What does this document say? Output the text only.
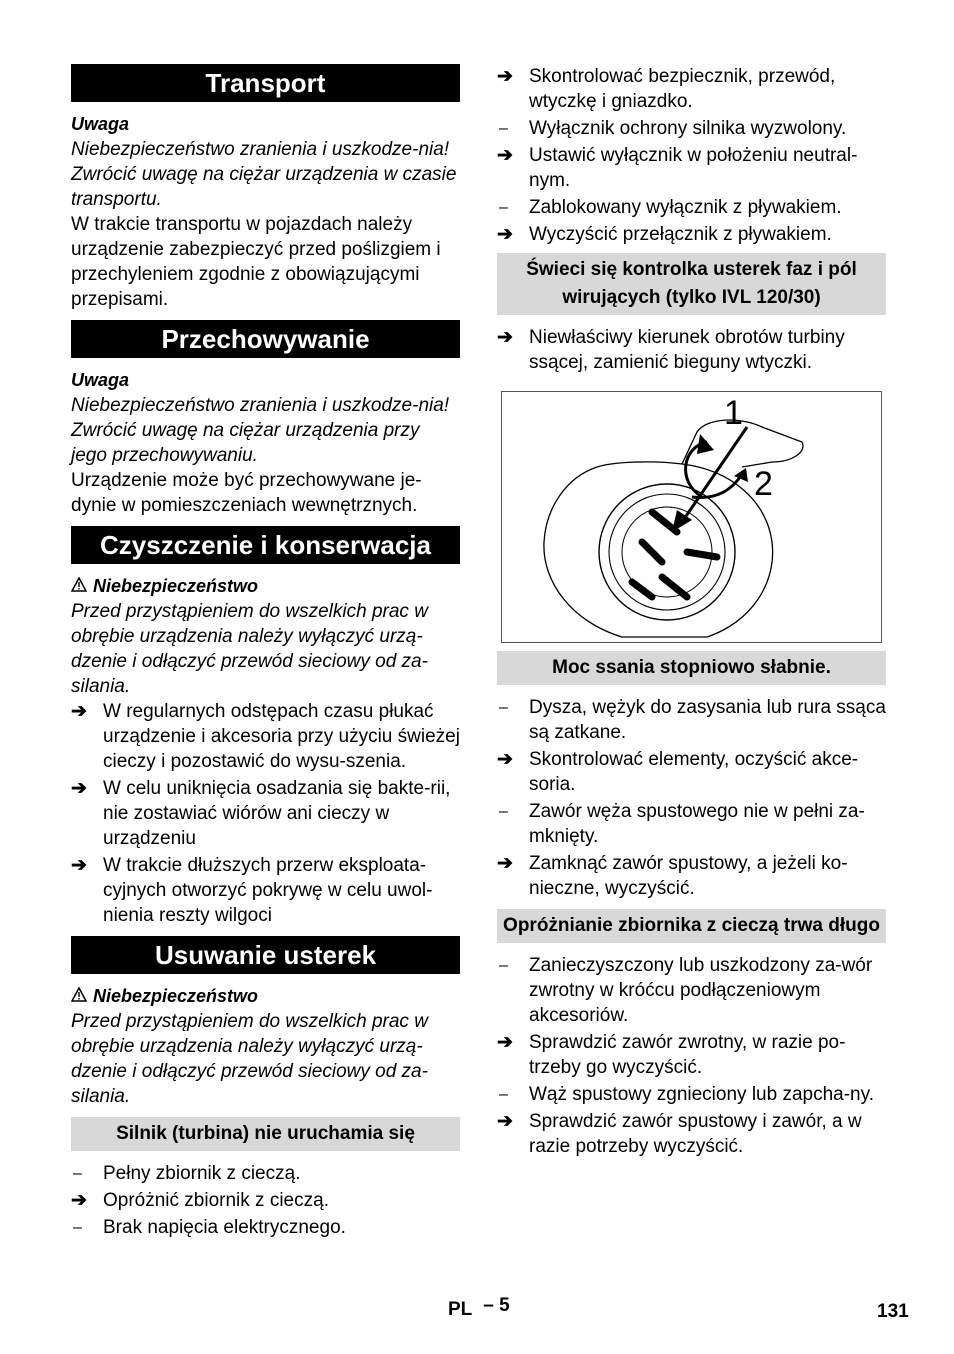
Transport

Uwaga

Niebezpieczeństwo zranienia i uszkodze-nia! Zwrócić uwagę na ciężar urządzenia w czasie transportu.

W trakcie transportu w pojazdach należy urządzenie zabezpieczyć przed poślizgiem i przechyleniem zgodnie z obowiązującymi przepisami.

Przechowywanie

Uwaga

Niebezpieczeństwo zranienia i uszkodze-nia! Zwrócić uwagę na ciężar urządzenia przy jego przechowywaniu.

Urządzenie może być przechowywane je-dynie w pomieszczeniach wewnętrznych.

Czyszczenie i konserwacja

Niebezpieczeństwo

Przed przystąpieniem do wszelkich prac w obrębie urządzenia należy wyłączyć urzą-dzenie i odłączyć przewód sieciowy od za-silania.

➔ W regularnych odstępach czasu płukać urządzenie i akcesoria przy użyciu świeżej cieczy i pozostawić do wysu-szenia.
➔ W celu uniknięcia osadzania się bakte-rii, nie zostawiać wiórów ani cieczy w urządzeniu
➔ W trakcie dłuższych przerw eksploata-cyjnych otworzyć pokrywę w celu uwol-nienia reszty wilgoci
Usuwanie usterek

Niebezpieczeństwo

Przed przystąpieniem do wszelkich prac w obrębie urządzenia należy wyłączyć urzą-dzenie i odłączyć przewód sieciowy od za-silania.

Silnik (turbina) nie uruchamia się
–	Pełny zbiornik z cieczą.
➔ Opróżnić zbiornik z cieczą.
–	Brak napięcia elektrycznego.
➔ Skontrolować bezpiecznik, przewód, wtyczkę i gniazdko.
–	Wyłącznik ochrony silnika wyzwolony.
➔ Ustawić wyłącznik w położeniu neutral-nym.
–	Zablokowany wyłącznik z pływakiem.
➔ Wyczyścić przełącznik z pływakiem.
Świeci się kontrolka usterek faz i pól wirujących (tylko IVL 120/30)
➔ Niewłaściwy kierunek obrotów turbiny ssącej, zamienić bieguny wtyczki.
1
2
Moc ssania stopniowo słabnie.
–	Dysza, wężyk do zasysania lub rura ssąca są zatkane.
➔ Skontrolować elementy, oczyścić akce-soria.
–	Zawór węża spustowego nie w pełni za-mknięty.
➔ Zamknąć zawór spustowy, a jeżeli ko-nieczne, wyczyścić.
Opróżnianie zbiornika z cieczą trwa długo
–	Zanieczyszczony lub uszkodzony za-wór zwrotny w króćcu podłączeniowym akcesoriów.
➔ Sprawdzić zawór zwrotny, w razie po-trzeby go wyczyścić.
–	Wąż spustowy zgnieciony lub zapcha-ny.
➔ Sprawdzić zawór spustowy i zawór, a w razie potrzeby wyczyścić.
PL – 5	131
